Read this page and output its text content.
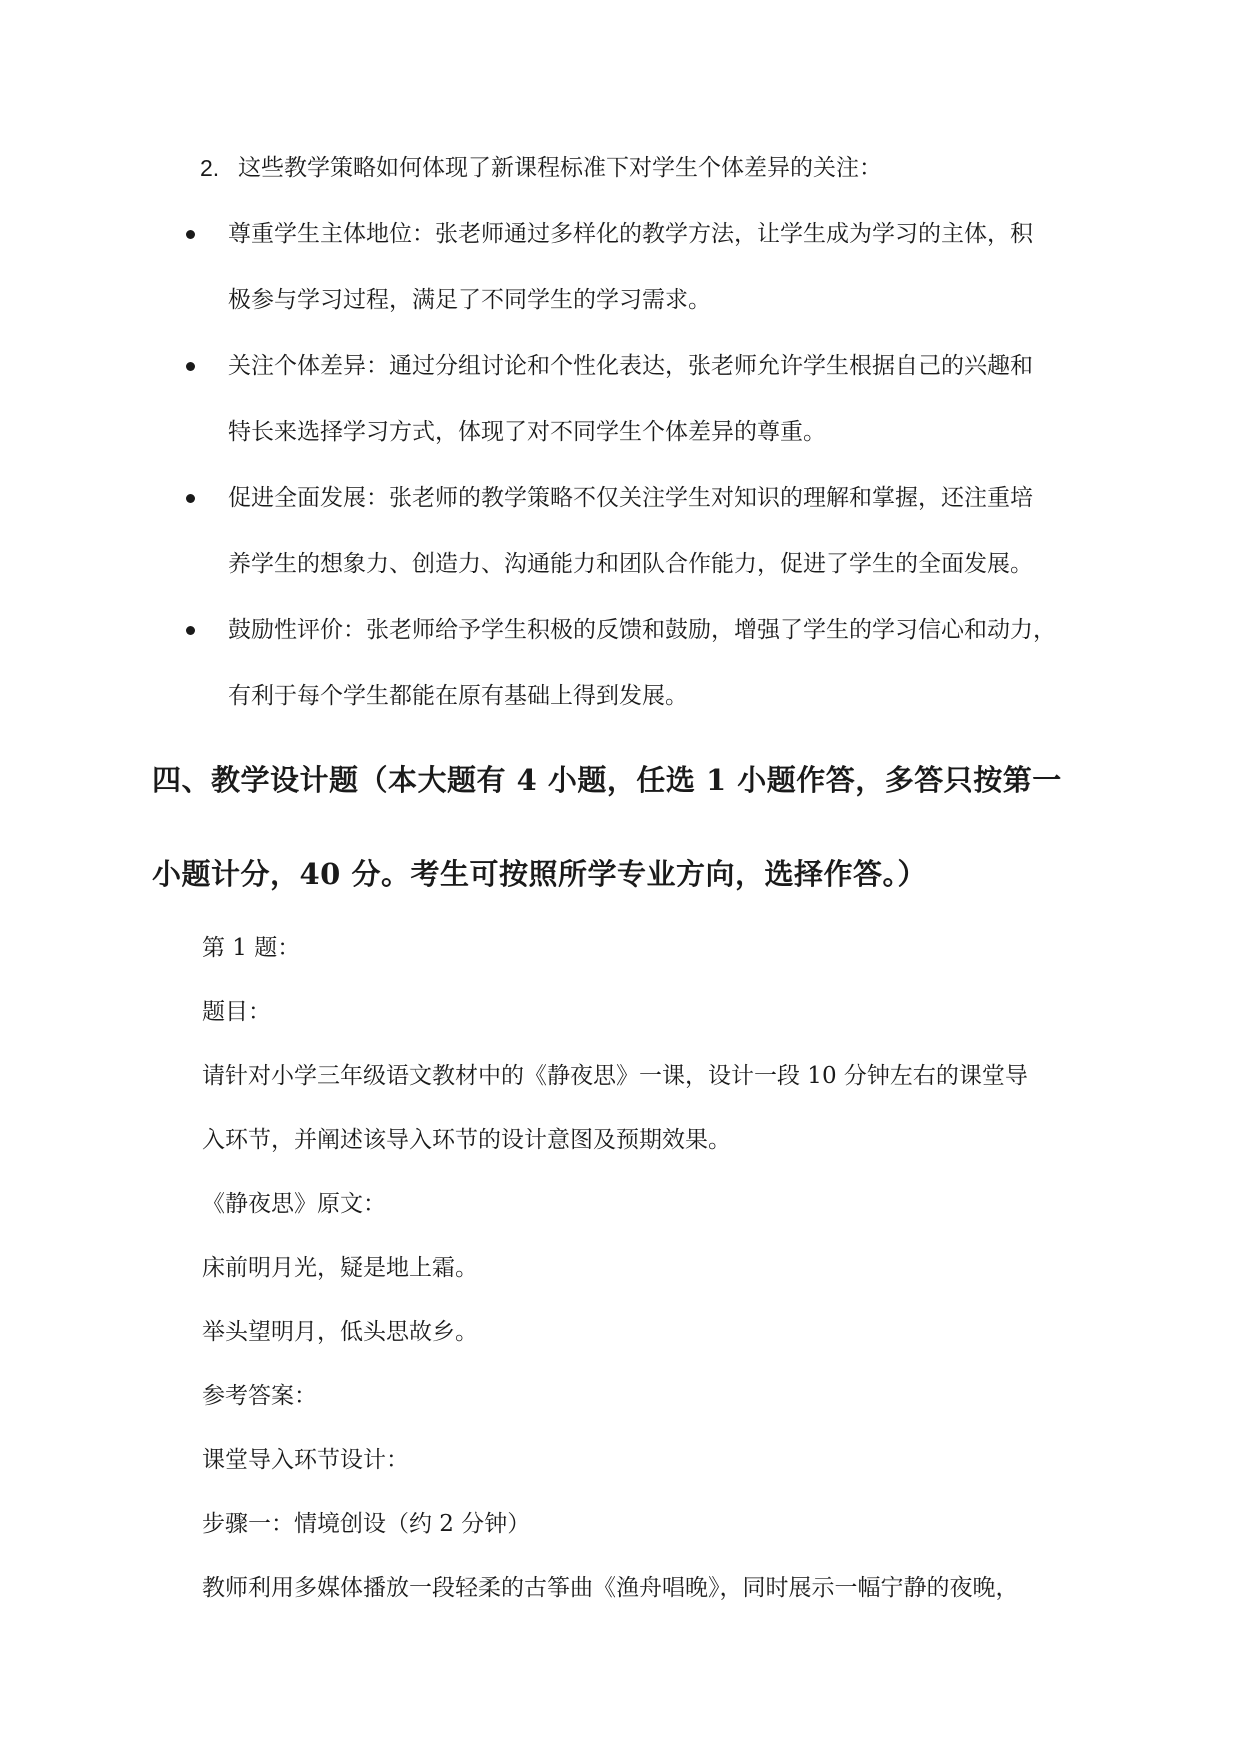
2. 这些教学策略如何体现了新课程标准下对学生个体差异的关注：
尊重学生主体地位：张老师通过多样化的教学方法，让学生成为学习的主体，积
极参与学习过程，满足了不同学生的学习需求。
关注个体差异：通过分组讨论和个性化表达，张老师允许学生根据自己的兴趣和
特长来选择学习方式，体现了对不同学生个体差异的尊重。
促进全面发展：张老师的教学策略不仅关注学生对知识的理解和掌握，还注重培
养学生的想象力、创造力、沟通能力和团队合作能力，促进了学生的全面发展。
鼓励性评价：张老师给予学生积极的反馈和鼓励，增强了学生的学习信心和动力，
有利于每个学生都能在原有基础上得到发展。
四、教学设计题（本大题有 4 小题，任选 1 小题作答，多答只按第一
小题计分，40 分。考生可按照所学专业方向，选择作答。）
第 1 题：
题目：
请针对小学三年级语文教材中的《静夜思》一课，设计一段 10 分钟左右的课堂导
入环节，并阐述该导入环节的设计意图及预期效果。
《静夜思》原文：
床前明月光，疑是地上霜。
举头望明月，低头思故乡。
参考答案：
课堂导入环节设计：
步骤一：情境创设（约 2 分钟）
教师利用多媒体播放一段轻柔的古筝曲《渔舟唱晚》，同时展示一幅宁静的夜晚，
